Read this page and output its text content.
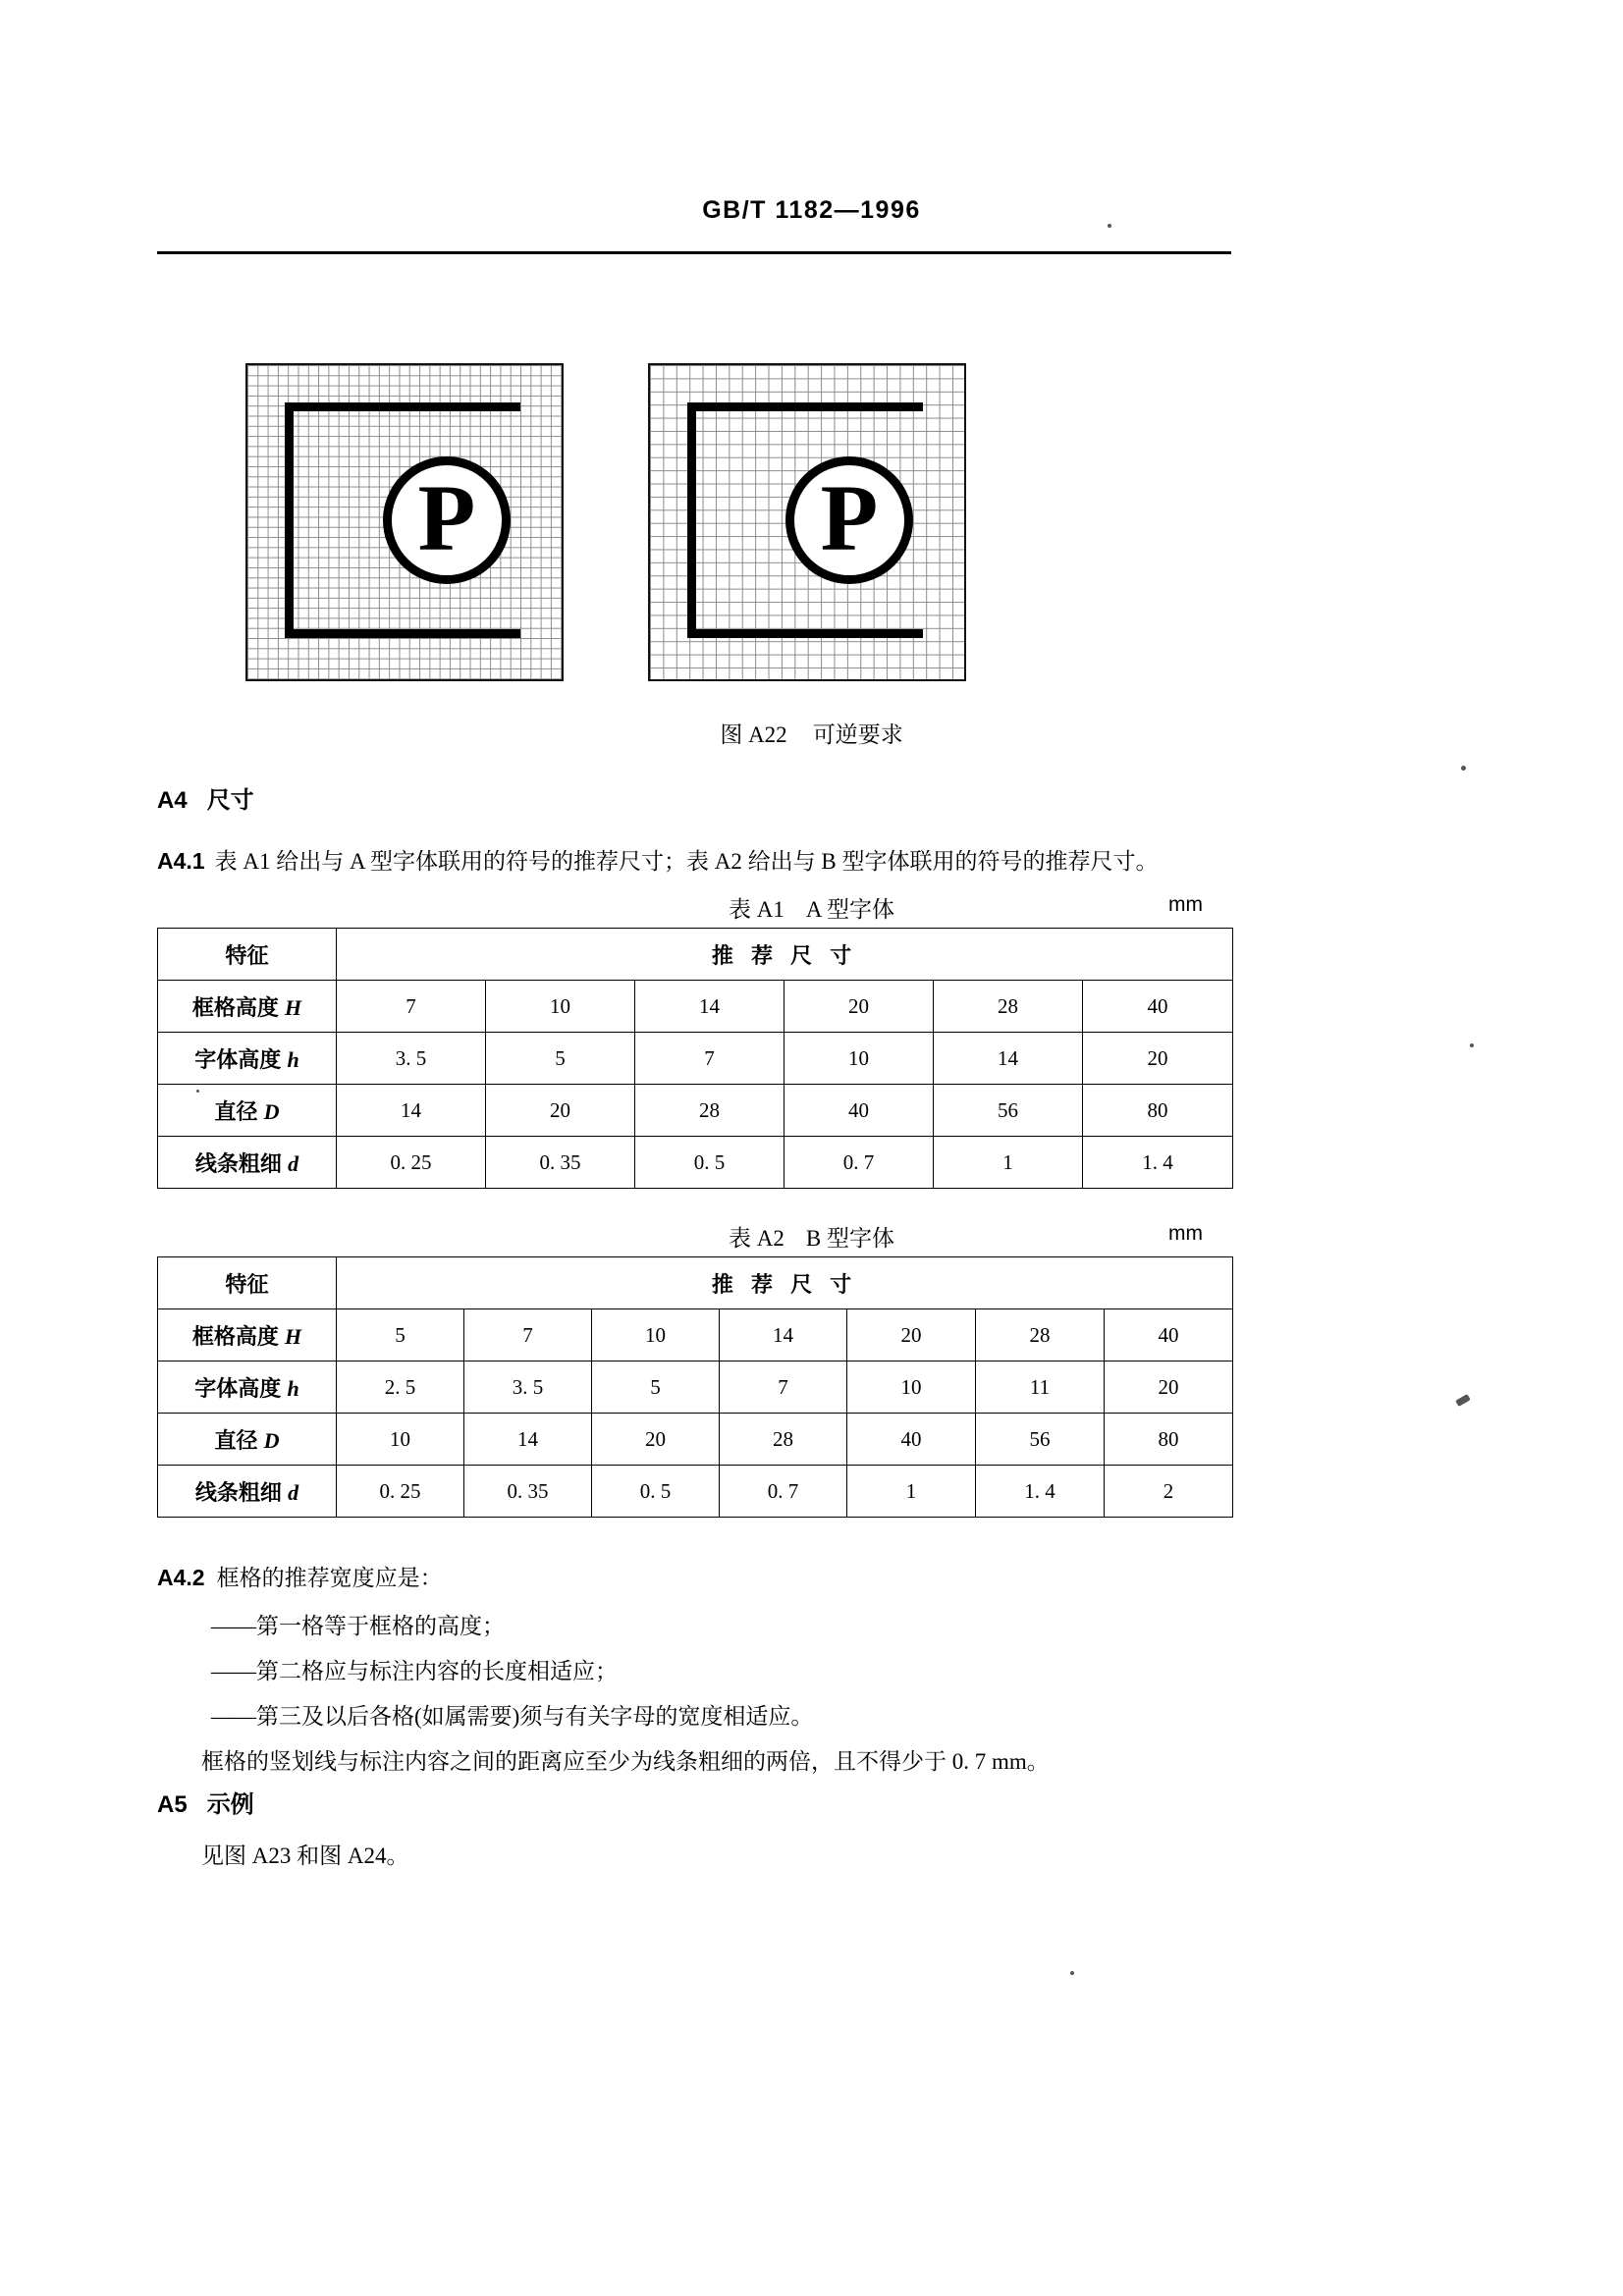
GB/T 1182—1996
P	P
图 A22 可逆要求
A4 尺寸
A4.1 表 A1 给出与 A 型字体联用的符号的推荐尺寸；表 A2 给出与 B 型字体联用的符号的推荐尺寸。
表 A1 A 型字体	mm
特征	推 荐 尺 寸					
框格高度 H	7	10	14	20	28	40
字体高度 h	3. 5	5	7	10	14	20
直径 D	14	20	28	40	56	80
线条粗细 d	0. 25	0. 35	0. 5	0. 7	1	1. 4
表 A2 B 型字体	mm
特征	推 荐 尺 寸						
框格高度 H	5	7	10	14	20	28	40
字体高度 h	2. 5	3. 5	5	7	10	11	20
直径 D	10	14	20	28	40	56	80
线条粗细 d	0. 25	0. 35	0. 5	0. 7	1	1. 4	2
A4.2 框格的推荐宽度应是：
——第一格等于框格的高度；
——第二格应与标注内容的长度相适应；
——第三及以后各格(如属需要)须与有关字母的宽度相适应。
框格的竖划线与标注内容之间的距离应至少为线条粗细的两倍，且不得少于 0. 7 mm。
A5 示例
见图 A23 和图 A24。
